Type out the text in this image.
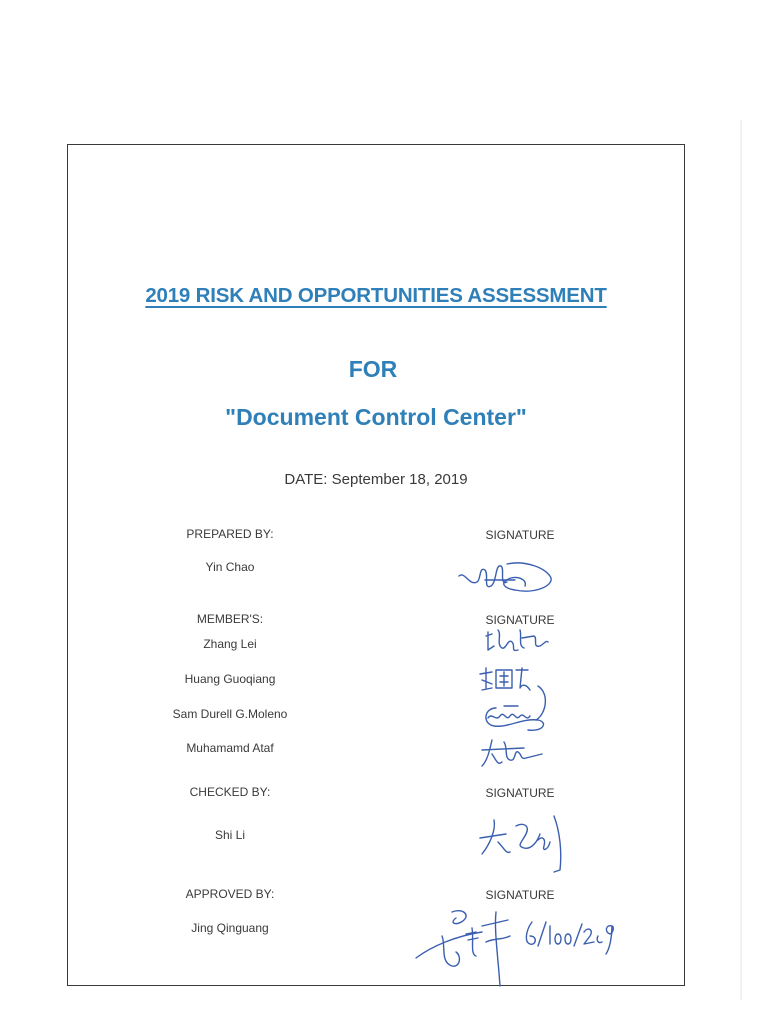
2019 RISK AND OPPORTUNITIES ASSESSMENT
FOR
"Document Control Center"
DATE: September 18, 2019
PREPARED BY:	SIGNATURE
Yin Chao
MEMBER'S:	SIGNATURE
Zhang Lei
Huang Guoqiang
Sam Durell G.Moleno
Muhamamd Ataf
CHECKED BY:	SIGNATURE
Shi Li
APPROVED BY:	SIGNATURE
Jing Qinguang
